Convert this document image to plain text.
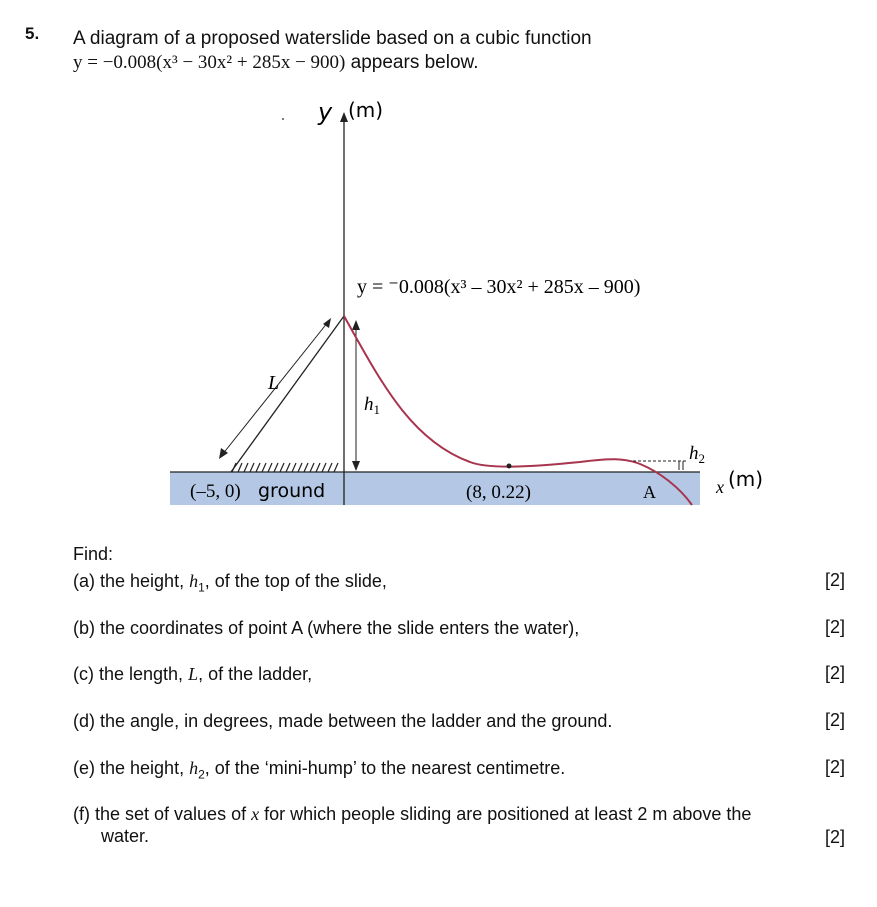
5. A diagram of a proposed waterslide based on a cubic function
y = −0.008(x³ − 30x² + 285x − 900) appears below.
y (m)
y = ⁻0.008(x³ – 30x² + 285x – 900)
L
$h_1$
$h_2$
x (m)
(–5, 0) ground	(8, 0.22)	A
Find:
(a) the height, $h_1$, of the top of the slide,	[2]
(b) the coordinates of point A (where the slide enters the water),	[2]
(c) the length, L, of the ladder,	[2]
(d) the angle, in degrees, made between the ladder and the ground.	[2]
(e) the height, $h_2$, of the ‘mini-hump’ to the nearest centimetre.	[2]
(f) the set of values of x for which people sliding are positioned at least 2 m above the
water.	[2]
